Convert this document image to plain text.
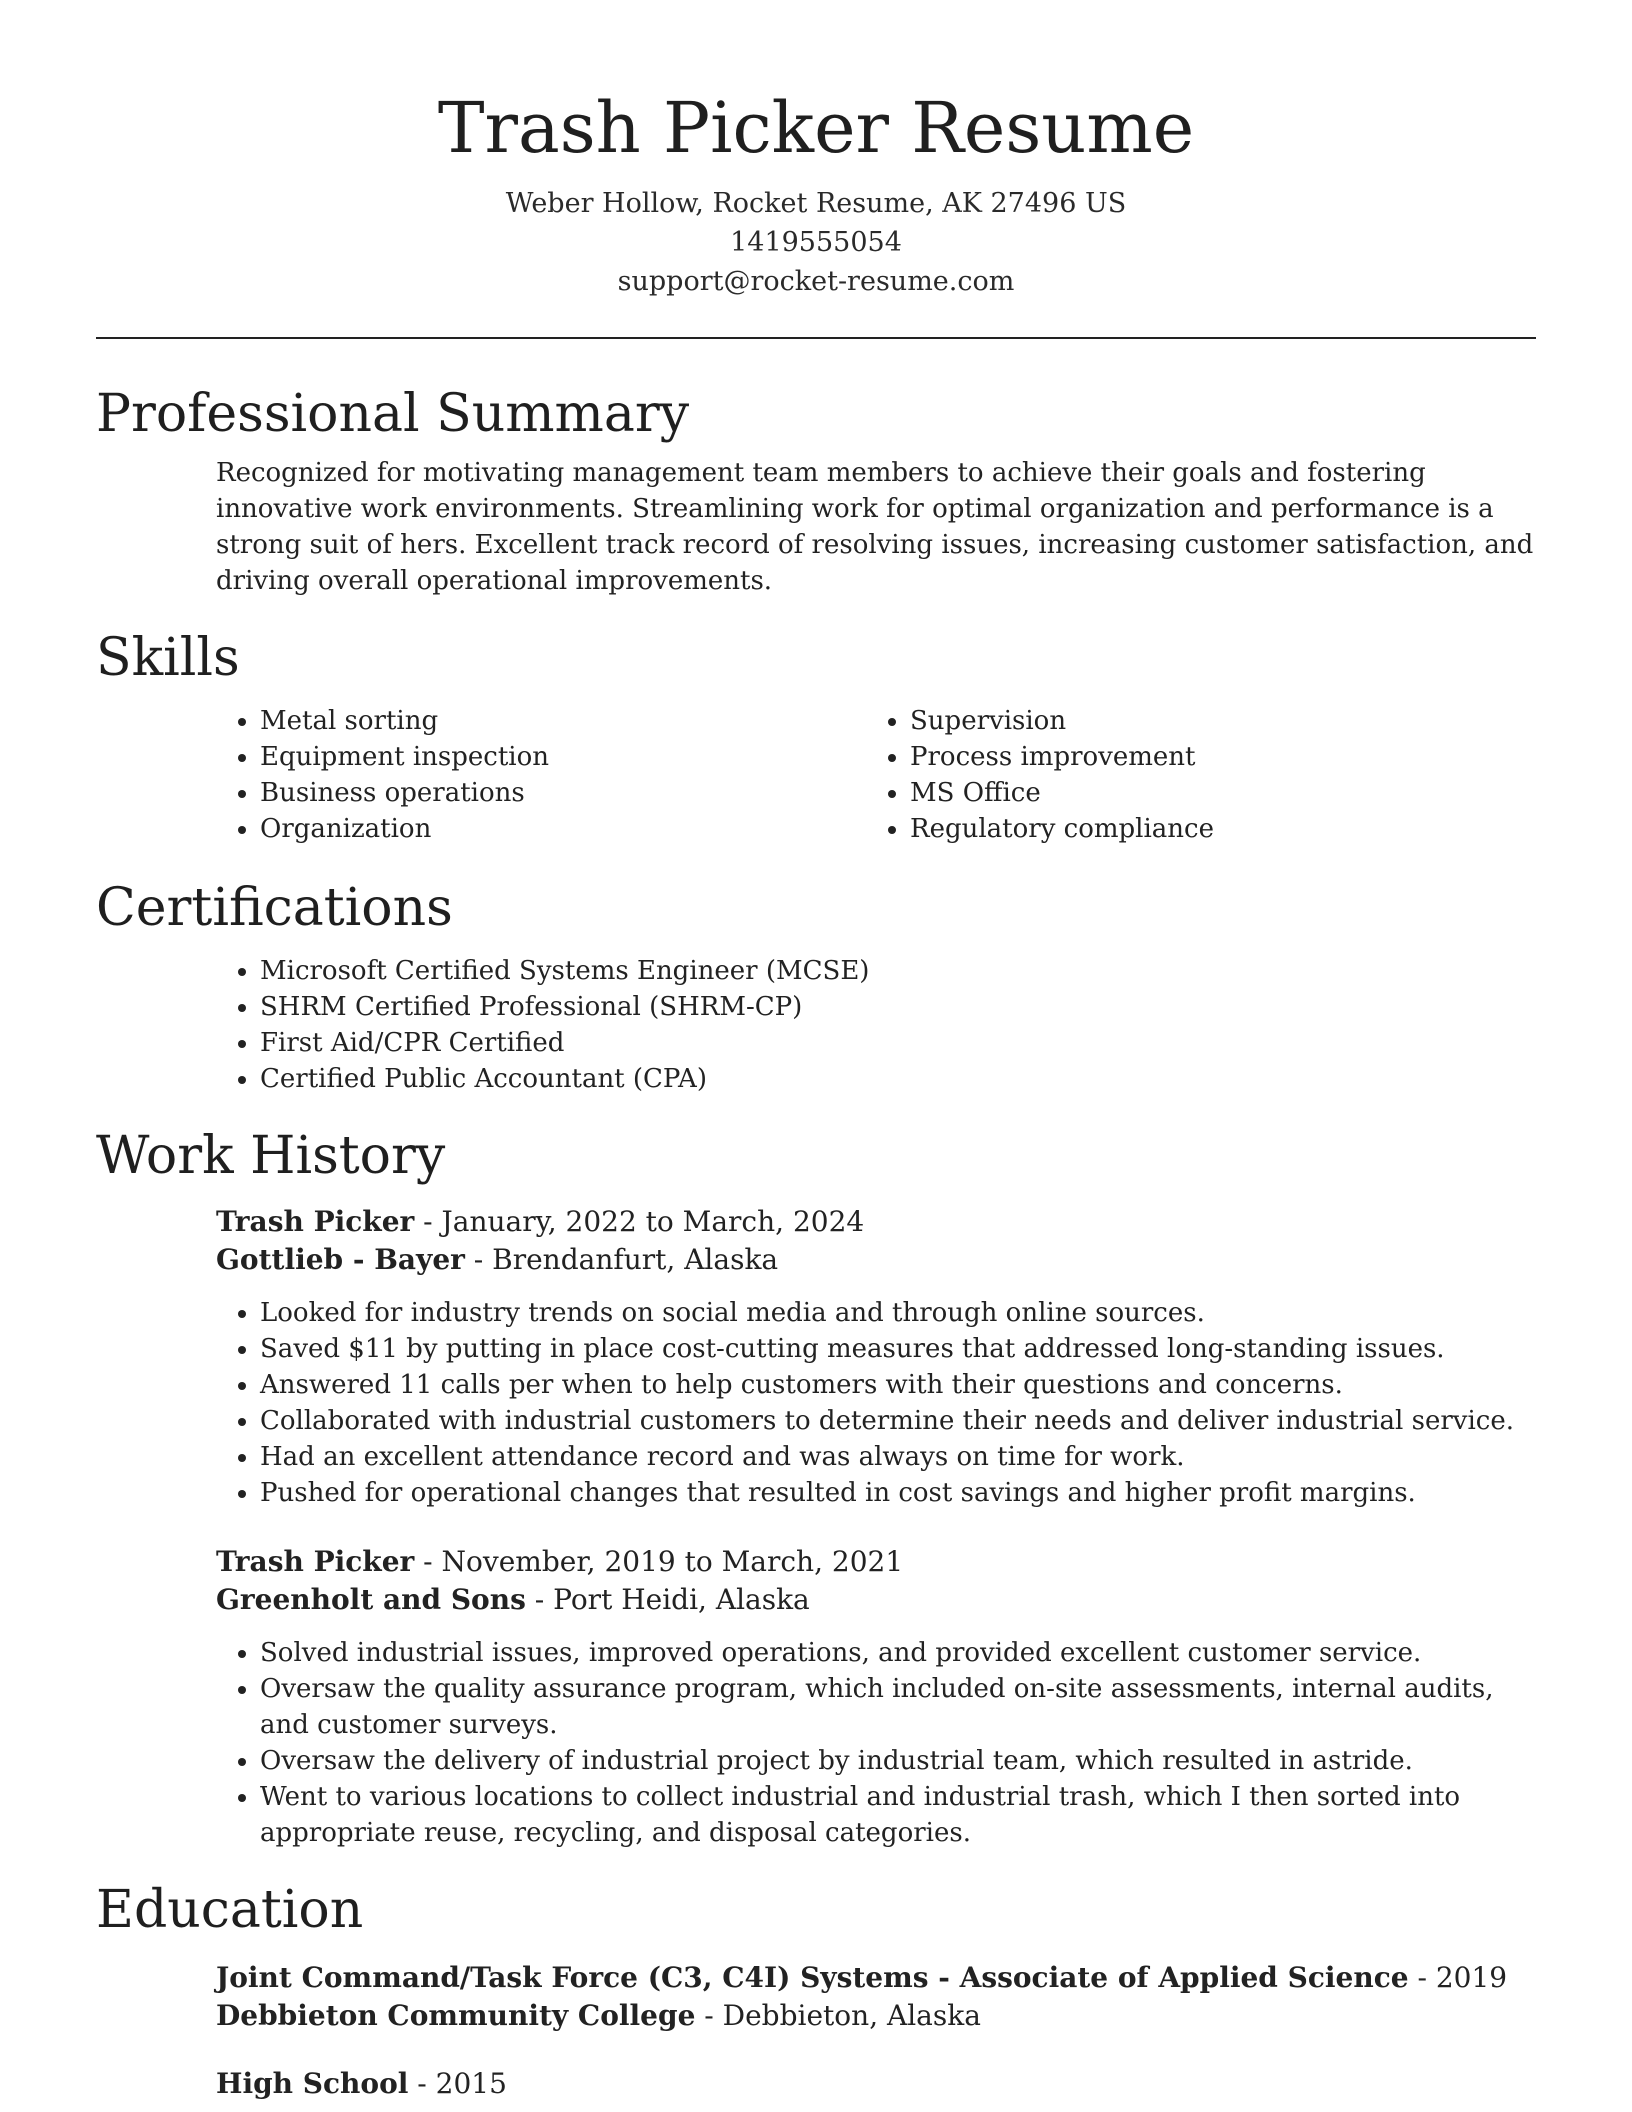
Trash Picker Resume
Weber Hollow, Rocket Resume, AK 27496 US
1419555054
support@rocket-resume.com
Professional Summary

Recognized for motivating management team members to achieve their goals and fostering innovative work environments. Streamlining work for optimal organization and performance is a strong suit of hers. Excellent track record of resolving issues, increasing customer satisfaction, and driving overall operational improvements.

Skills
• Metal sorting
• Equipment inspection
• Business operations
• Organization
• Supervision
• Process improvement
• MS Office
• Regulatory compliance
Certifications
• Microsoft Certified Systems Engineer (MCSE)
• SHRM Certified Professional (SHRM-CP)
• First Aid/CPR Certified
• Certified Public Accountant (CPA)
Work History
Trash Picker - January, 2022 to March, 2024
Gottlieb - Bayer - Brendanfurt, Alaska
• Looked for industry trends on social media and through online sources.
• Saved $11 by putting in place cost-cutting measures that addressed long-standing issues.
• Answered 11 calls per when to help customers with their questions and concerns.
• Collaborated with industrial customers to determine their needs and deliver industrial service.
• Had an excellent attendance record and was always on time for work.
• Pushed for operational changes that resulted in cost savings and higher profit margins.
Trash Picker - November, 2019 to March, 2021
Greenholt and Sons - Port Heidi, Alaska
• Solved industrial issues, improved operations, and provided excellent customer service.
• Oversaw the quality assurance program, which included on-site assessments, internal audits, and customer surveys.
• Oversaw the delivery of industrial project by industrial team, which resulted in astride.
• Went to various locations to collect industrial and industrial trash, which I then sorted into appropriate reuse, recycling, and disposal categories.
Education
Joint Command/Task Force (C3, C4I) Systems - Associate of Applied Science - 2019
Debbieton Community College - Debbieton, Alaska
High School - 2015
